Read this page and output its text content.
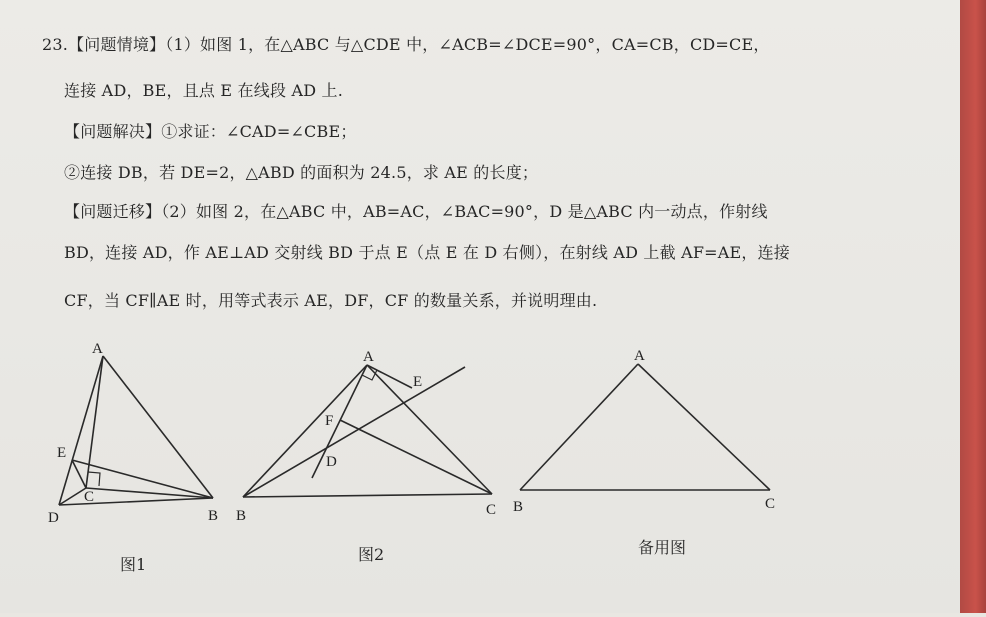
23.【问题情境】（1）如图 1，在△ABC 与△CDE 中，∠ACB=∠DCE=90°，CA=CB，CD=CE，
连接 AD，BE，且点 E 在线段 AD 上.
【问题解决】①求证：∠CAD=∠CBE；
②连接 DB，若 DE=2，△ABD 的面积为 24.5，求 AE 的长度；
【问题迁移】（2）如图 2，在△ABC 中，AB=AC，∠BAC=90°，D 是△ABC 内一动点，作射线
BD，连接 AD，作 AE⊥AD 交射线 BD 于点 E（点 E 在 D 右侧），在射线 AD 上截 AF=AE，连接
CF，当 CF∥AE 时，用等式表示 AE，DF，CF 的数量关系，并说明理由.
A
B
C
D
E
A
B	C
D
E
F
A
B	C
图1
图2	备用图
